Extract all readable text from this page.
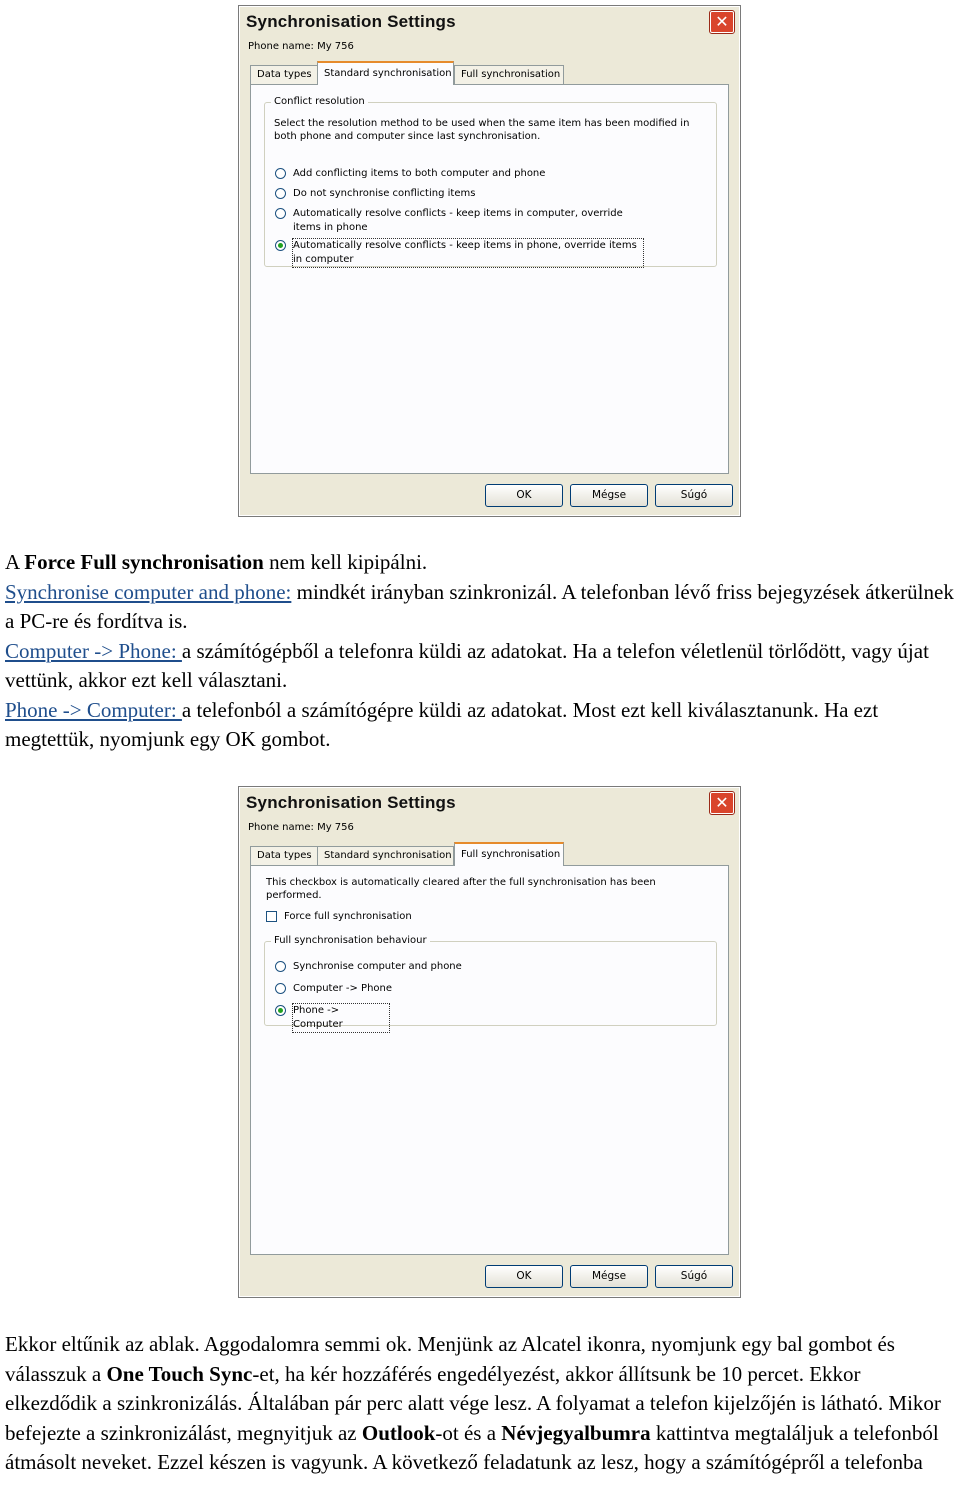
Synchronisation Settings	✕
Phone name: My 756
Data types	Standard synchronisation Full synchronisation
Conflict resolution
Select the resolution method to be used when the same item has been modified in both phone and computer since last synchronisation.
Add conflicting items to both computer and phone
Do not synchronise conflicting items
Automatically resolve conflicts - keep items in computer, override items in phone
Automatically resolve conflicts - keep items in phone, override items in computer
OK	Mégse	Súgó

A Force Full synchronisation nem kell kipipálni.

Synchronise computer and phone: mindkét irányban szinkronizál. A telefonban lévő friss bejegyzések átkerülnek a PC-re és fordítva is.

Computer -> Phone: a számítógépből a telefonra küldi az adatokat. Ha a telefon véletlenül törlődött, vagy újat vettünk, akkor ezt kell választani.

Phone -> Computer: a telefonból a számítógépre küldi az adatokat. Most ezt kell kiválasztanunk. Ha ezt megtettük, nyomjunk egy OK gombot.

Synchronisation Settings	✕
Phone name: My 756
Data types	Standard synchronisation Full synchronisation
This checkbox is automatically cleared after the full synchronisation has been performed.
Force full synchronisation
Full synchronisation behaviour
Synchronise computer and phone
Computer -> Phone
Phone -> Computer
OK	Mégse	Súgó

Ekkor eltűnik az ablak. Aggodalomra semmi ok. Menjünk az Alcatel ikonra, nyomjunk egy bal gombot és válasszuk a One Touch Sync-et, ha kér hozzáférés engedélyezést, akkor állítsunk be 10 percet. Ekkor elkezdődik a szinkronizálás. Általában pár perc alatt vége lesz. A folyamat a telefon kijelzőjén is látható. Mikor befejezte a szinkronizálást, megnyitjuk az Outlook-ot és a Névjegyalbumra kattintva megtaláljuk a telefonból átmásolt neveket. Ezzel készen is vagyunk. A következő feladatunk az lesz, hogy a számítógépről a telefonba
